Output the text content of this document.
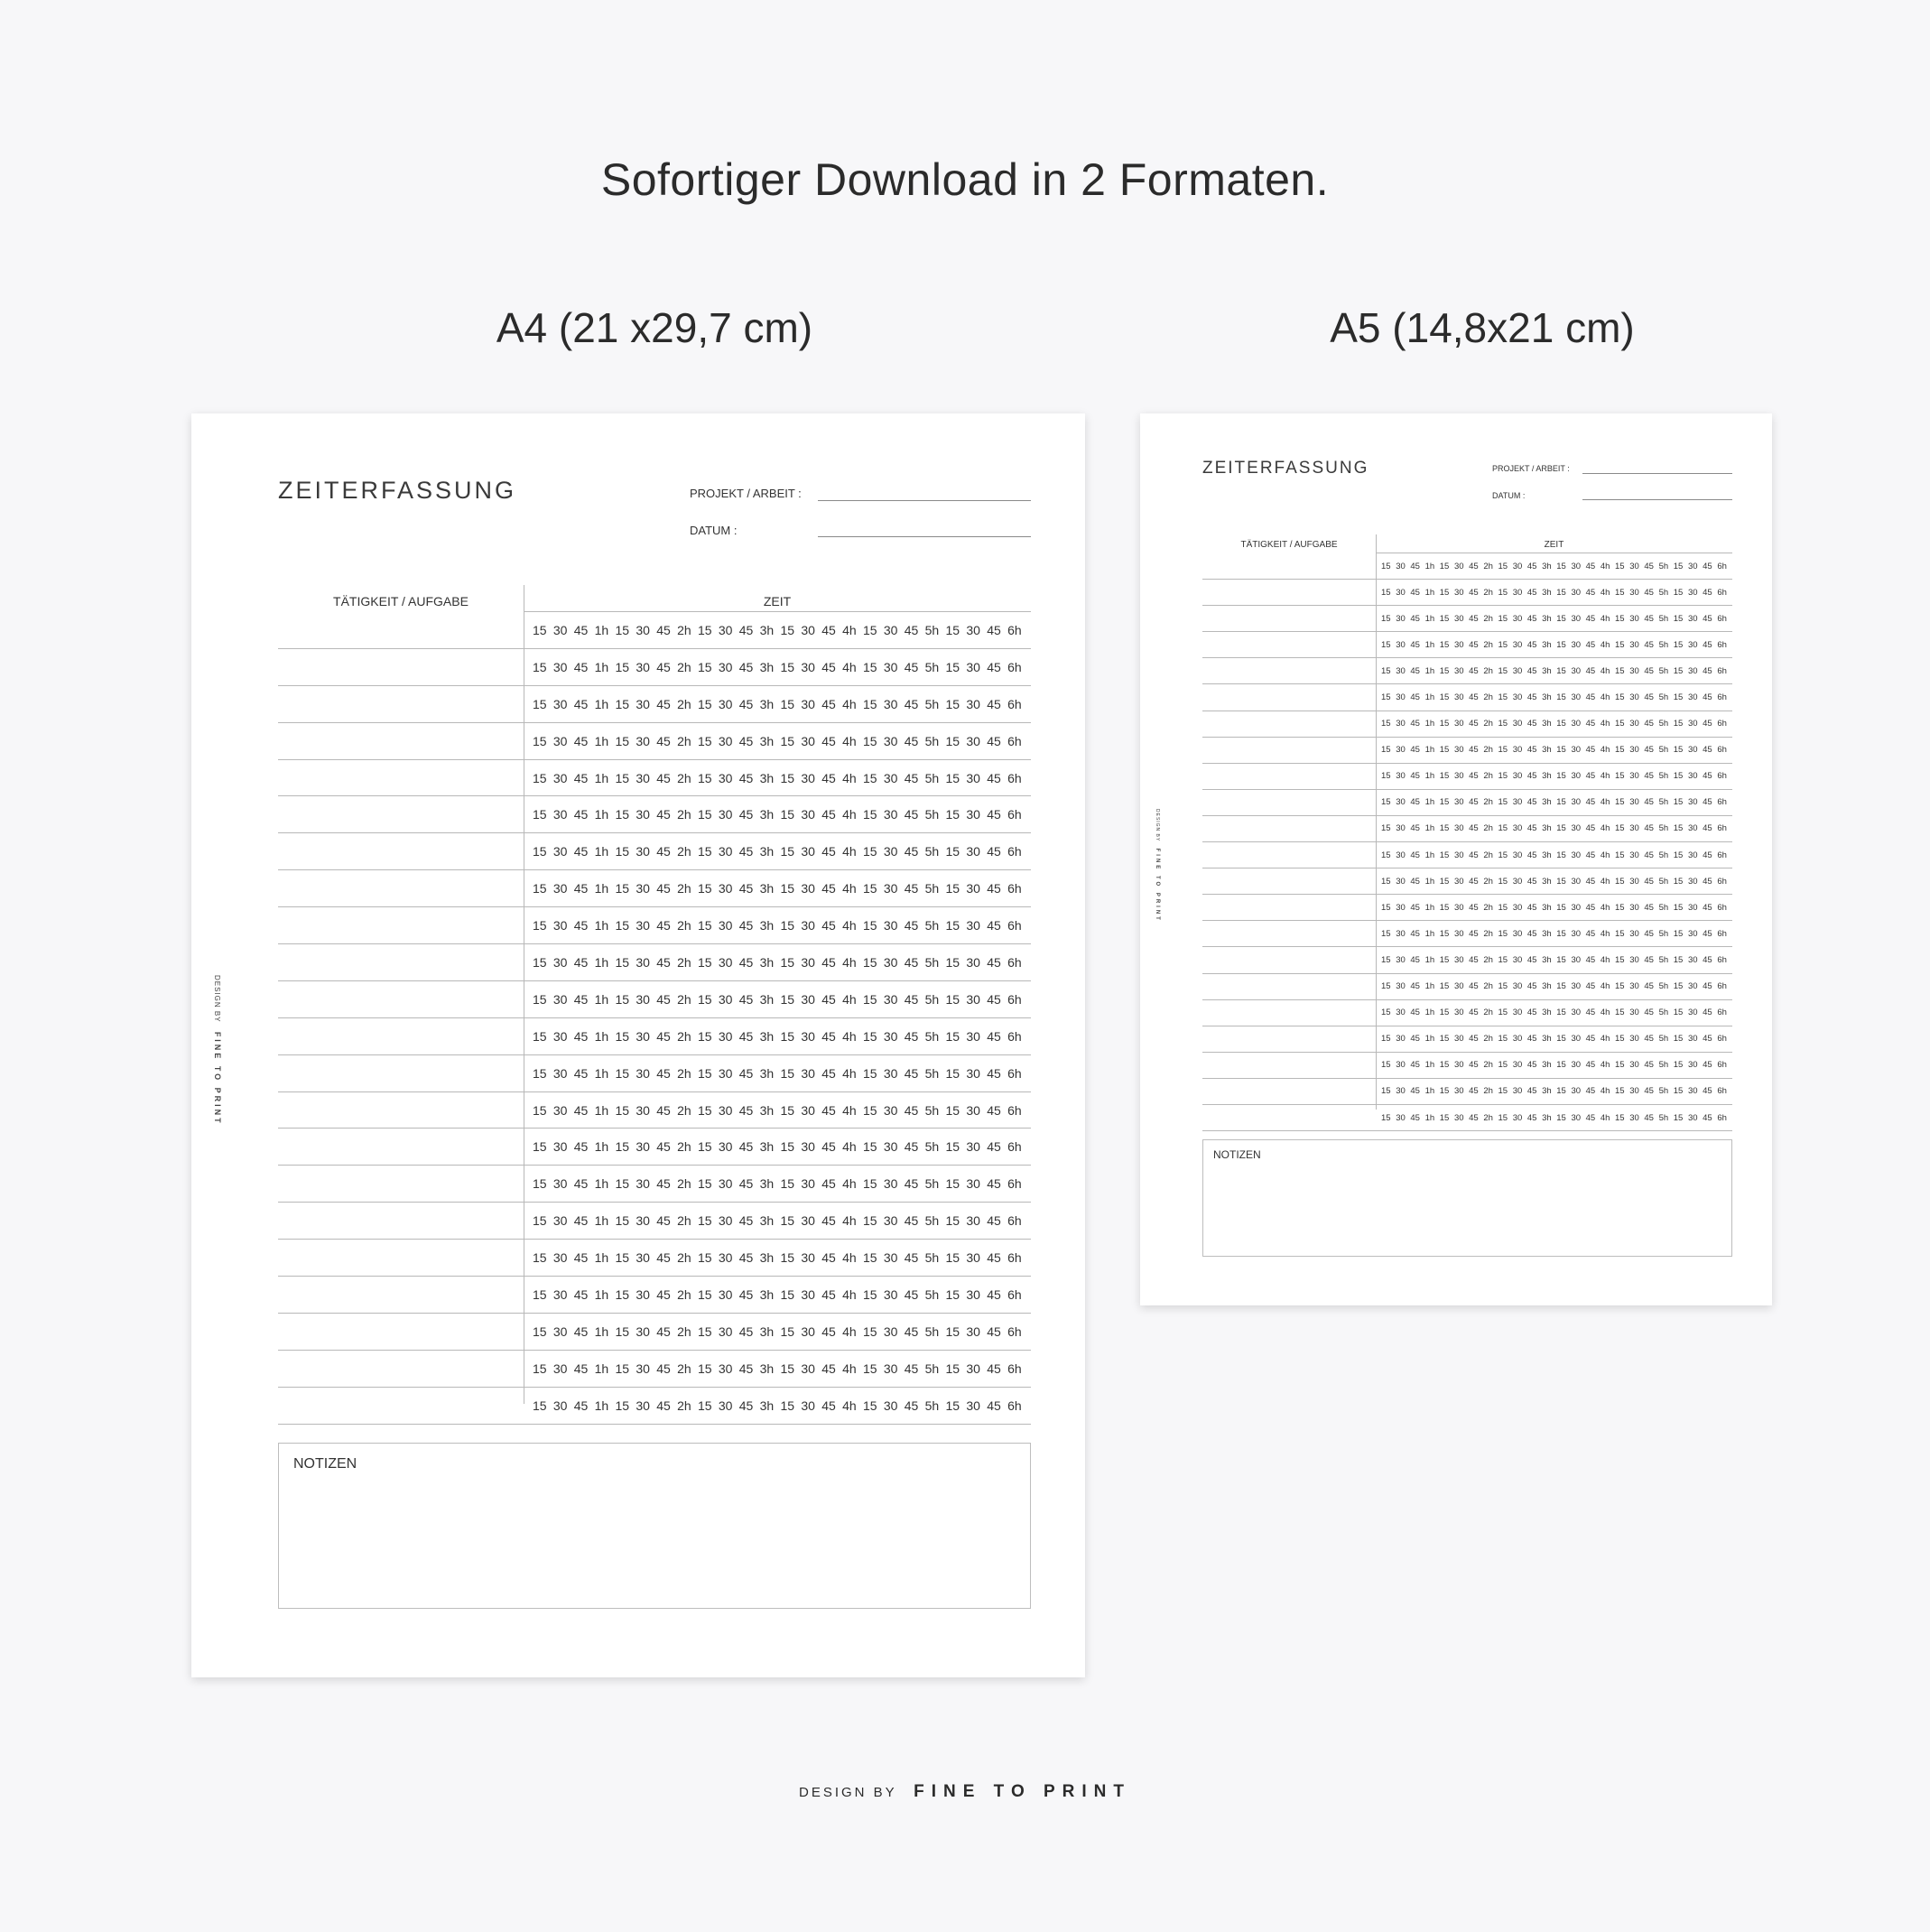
Sofortiger Download in 2 Formaten.
A4 (21 x29,7 cm)	A5 (14,8x21 cm)
DESIGN BY FINE TO PRINT
ZEITERFASSUNG	PROJEKT / ARBEIT :
DATUM :
TÄTIGKEIT / AUFGABE	ZEIT
15 30 45 1h 15 30 45 2h 15 30 45 3h 15 30 45 4h 15 30 45 5h 15 30 45 6h
15 30 45 1h 15 30 45 2h 15 30 45 3h 15 30 45 4h 15 30 45 5h 15 30 45 6h
15 30 45 1h 15 30 45 2h 15 30 45 3h 15 30 45 4h 15 30 45 5h 15 30 45 6h
15 30 45 1h 15 30 45 2h 15 30 45 3h 15 30 45 4h 15 30 45 5h 15 30 45 6h
15 30 45 1h 15 30 45 2h 15 30 45 3h 15 30 45 4h 15 30 45 5h 15 30 45 6h
15 30 45 1h 15 30 45 2h 15 30 45 3h 15 30 45 4h 15 30 45 5h 15 30 45 6h
15 30 45 1h 15 30 45 2h 15 30 45 3h 15 30 45 4h 15 30 45 5h 15 30 45 6h
15 30 45 1h 15 30 45 2h 15 30 45 3h 15 30 45 4h 15 30 45 5h 15 30 45 6h
15 30 45 1h 15 30 45 2h 15 30 45 3h 15 30 45 4h 15 30 45 5h 15 30 45 6h
15 30 45 1h 15 30 45 2h 15 30 45 3h 15 30 45 4h 15 30 45 5h 15 30 45 6h
15 30 45 1h 15 30 45 2h 15 30 45 3h 15 30 45 4h 15 30 45 5h 15 30 45 6h
15 30 45 1h 15 30 45 2h 15 30 45 3h 15 30 45 4h 15 30 45 5h 15 30 45 6h
15 30 45 1h 15 30 45 2h 15 30 45 3h 15 30 45 4h 15 30 45 5h 15 30 45 6h
15 30 45 1h 15 30 45 2h 15 30 45 3h 15 30 45 4h 15 30 45 5h 15 30 45 6h
15 30 45 1h 15 30 45 2h 15 30 45 3h 15 30 45 4h 15 30 45 5h 15 30 45 6h
15 30 45 1h 15 30 45 2h 15 30 45 3h 15 30 45 4h 15 30 45 5h 15 30 45 6h
15 30 45 1h 15 30 45 2h 15 30 45 3h 15 30 45 4h 15 30 45 5h 15 30 45 6h
15 30 45 1h 15 30 45 2h 15 30 45 3h 15 30 45 4h 15 30 45 5h 15 30 45 6h
15 30 45 1h 15 30 45 2h 15 30 45 3h 15 30 45 4h 15 30 45 5h 15 30 45 6h
15 30 45 1h 15 30 45 2h 15 30 45 3h 15 30 45 4h 15 30 45 5h 15 30 45 6h
15 30 45 1h 15 30 45 2h 15 30 45 3h 15 30 45 4h 15 30 45 5h 15 30 45 6h
15 30 45 1h 15 30 45 2h 15 30 45 3h 15 30 45 4h 15 30 45 5h 15 30 45 6h
NOTIZEN
DESIGN BY FINE TO PRINT
ZEITERFASSUNG	PROJEKT / ARBEIT :
DATUM :
TÄTIGKEIT / AUFGABE	ZEIT
15 30 45 1h 15 30 45 2h 15 30 45 3h 15 30 45 4h 15 30 45 5h 15 30 45 6h
15 30 45 1h 15 30 45 2h 15 30 45 3h 15 30 45 4h 15 30 45 5h 15 30 45 6h
15 30 45 1h 15 30 45 2h 15 30 45 3h 15 30 45 4h 15 30 45 5h 15 30 45 6h
15 30 45 1h 15 30 45 2h 15 30 45 3h 15 30 45 4h 15 30 45 5h 15 30 45 6h
15 30 45 1h 15 30 45 2h 15 30 45 3h 15 30 45 4h 15 30 45 5h 15 30 45 6h
15 30 45 1h 15 30 45 2h 15 30 45 3h 15 30 45 4h 15 30 45 5h 15 30 45 6h
15 30 45 1h 15 30 45 2h 15 30 45 3h 15 30 45 4h 15 30 45 5h 15 30 45 6h
15 30 45 1h 15 30 45 2h 15 30 45 3h 15 30 45 4h 15 30 45 5h 15 30 45 6h
15 30 45 1h 15 30 45 2h 15 30 45 3h 15 30 45 4h 15 30 45 5h 15 30 45 6h
15 30 45 1h 15 30 45 2h 15 30 45 3h 15 30 45 4h 15 30 45 5h 15 30 45 6h
15 30 45 1h 15 30 45 2h 15 30 45 3h 15 30 45 4h 15 30 45 5h 15 30 45 6h
15 30 45 1h 15 30 45 2h 15 30 45 3h 15 30 45 4h 15 30 45 5h 15 30 45 6h
15 30 45 1h 15 30 45 2h 15 30 45 3h 15 30 45 4h 15 30 45 5h 15 30 45 6h
15 30 45 1h 15 30 45 2h 15 30 45 3h 15 30 45 4h 15 30 45 5h 15 30 45 6h
15 30 45 1h 15 30 45 2h 15 30 45 3h 15 30 45 4h 15 30 45 5h 15 30 45 6h
15 30 45 1h 15 30 45 2h 15 30 45 3h 15 30 45 4h 15 30 45 5h 15 30 45 6h
15 30 45 1h 15 30 45 2h 15 30 45 3h 15 30 45 4h 15 30 45 5h 15 30 45 6h
15 30 45 1h 15 30 45 2h 15 30 45 3h 15 30 45 4h 15 30 45 5h 15 30 45 6h
15 30 45 1h 15 30 45 2h 15 30 45 3h 15 30 45 4h 15 30 45 5h 15 30 45 6h
15 30 45 1h 15 30 45 2h 15 30 45 3h 15 30 45 4h 15 30 45 5h 15 30 45 6h
15 30 45 1h 15 30 45 2h 15 30 45 3h 15 30 45 4h 15 30 45 5h 15 30 45 6h
15 30 45 1h 15 30 45 2h 15 30 45 3h 15 30 45 4h 15 30 45 5h 15 30 45 6h
NOTIZEN
DESIGN BY FINE TO PRINT
